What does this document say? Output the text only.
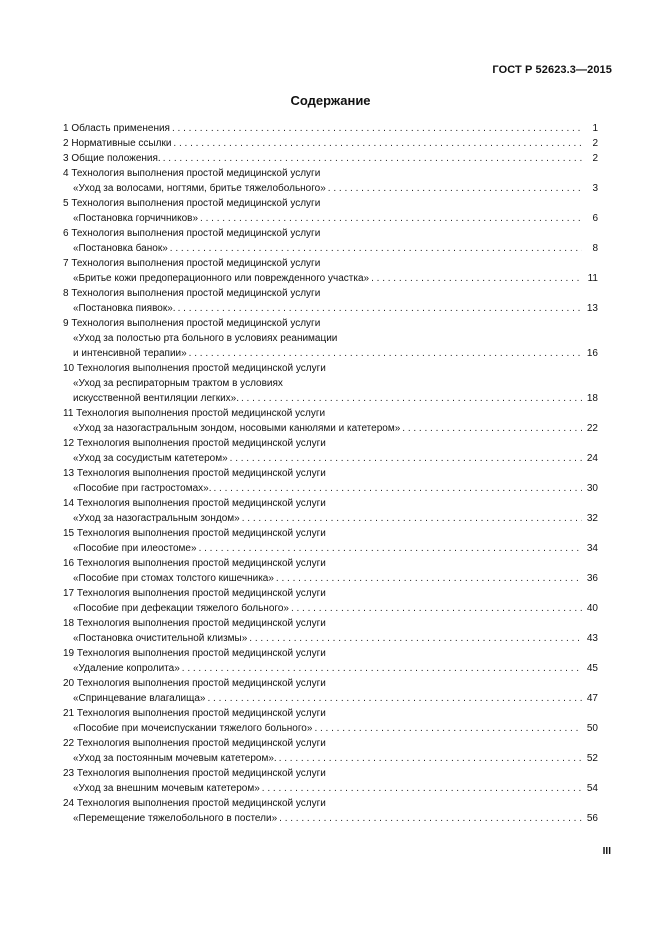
ГОСТ Р 52623.3—2015
Содержание
1 Область применения . . .	1
2 Нормативные ссылки . . .	2
3 Общие положения. . . .	2
4 Технология выполнения простой медицинской услуги
«Уход за волосами, ногтями, бритье тяжелобольного» . . .	3
5 Технология выполнения простой медицинской услуги
«Постановка горчичников» . . .	6
6 Технология выполнения простой медицинской услуги
«Постановка банок» . . .	8
7 Технология выполнения простой медицинской услуги
«Бритье кожи предоперационного или поврежденного участка» . . .	11
8 Технология выполнения простой медицинской услуги
«Постановка пиявок». . . .	13
9 Технология выполнения простой медицинской услуги
«Уход за полостью рта больного в условиях реанимации
и интенсивной терапии» . . .	16
10 Технология выполнения простой медицинской услуги
«Уход за респираторным трактом в условиях
искусственной вентиляции легких». . . .	18
11 Технология выполнения простой медицинской услуги
«Уход за назогастральным зондом, носовыми канюлями и катетером» . . .	22
12 Технология выполнения простой медицинской услуги
«Уход за сосудистым катетером» . . .	24
13 Технология выполнения простой медицинской услуги
«Пособие при гастростомах». . . .	30
14 Технология выполнения простой медицинской услуги
«Уход за назогастральным зондом» . . .	32
15 Технология выполнения простой медицинской услуги
«Пособие при илеостоме» . . .	34
16 Технология выполнения простой медицинской услуги
«Пособие при стомах толстого кишечника» . . .	36
17 Технология выполнения простой медицинской услуги
«Пособие при дефекации тяжелого больного» . . .	40
18 Технология выполнения простой медицинской услуги
«Постановка очистительной клизмы» . . .	43
19 Технология выполнения простой медицинской услуги
«Удаление копролита» . . .	45
20 Технология выполнения простой медицинской услуги
«Спринцевание влагалища» . . .	47
21 Технология выполнения простой медицинской услуги
«Пособие при мочеиспускании тяжелого больного» . . .	50
22 Технология выполнения простой медицинской услуги
«Уход за постоянным мочевым катетером». . . .	52
23 Технология выполнения простой медицинской услуги
«Уход за внешним мочевым катетером» . . .	54
24 Технология выполнения простой медицинской услуги
«Перемещение тяжелобольного в постели» . . .	56
III
